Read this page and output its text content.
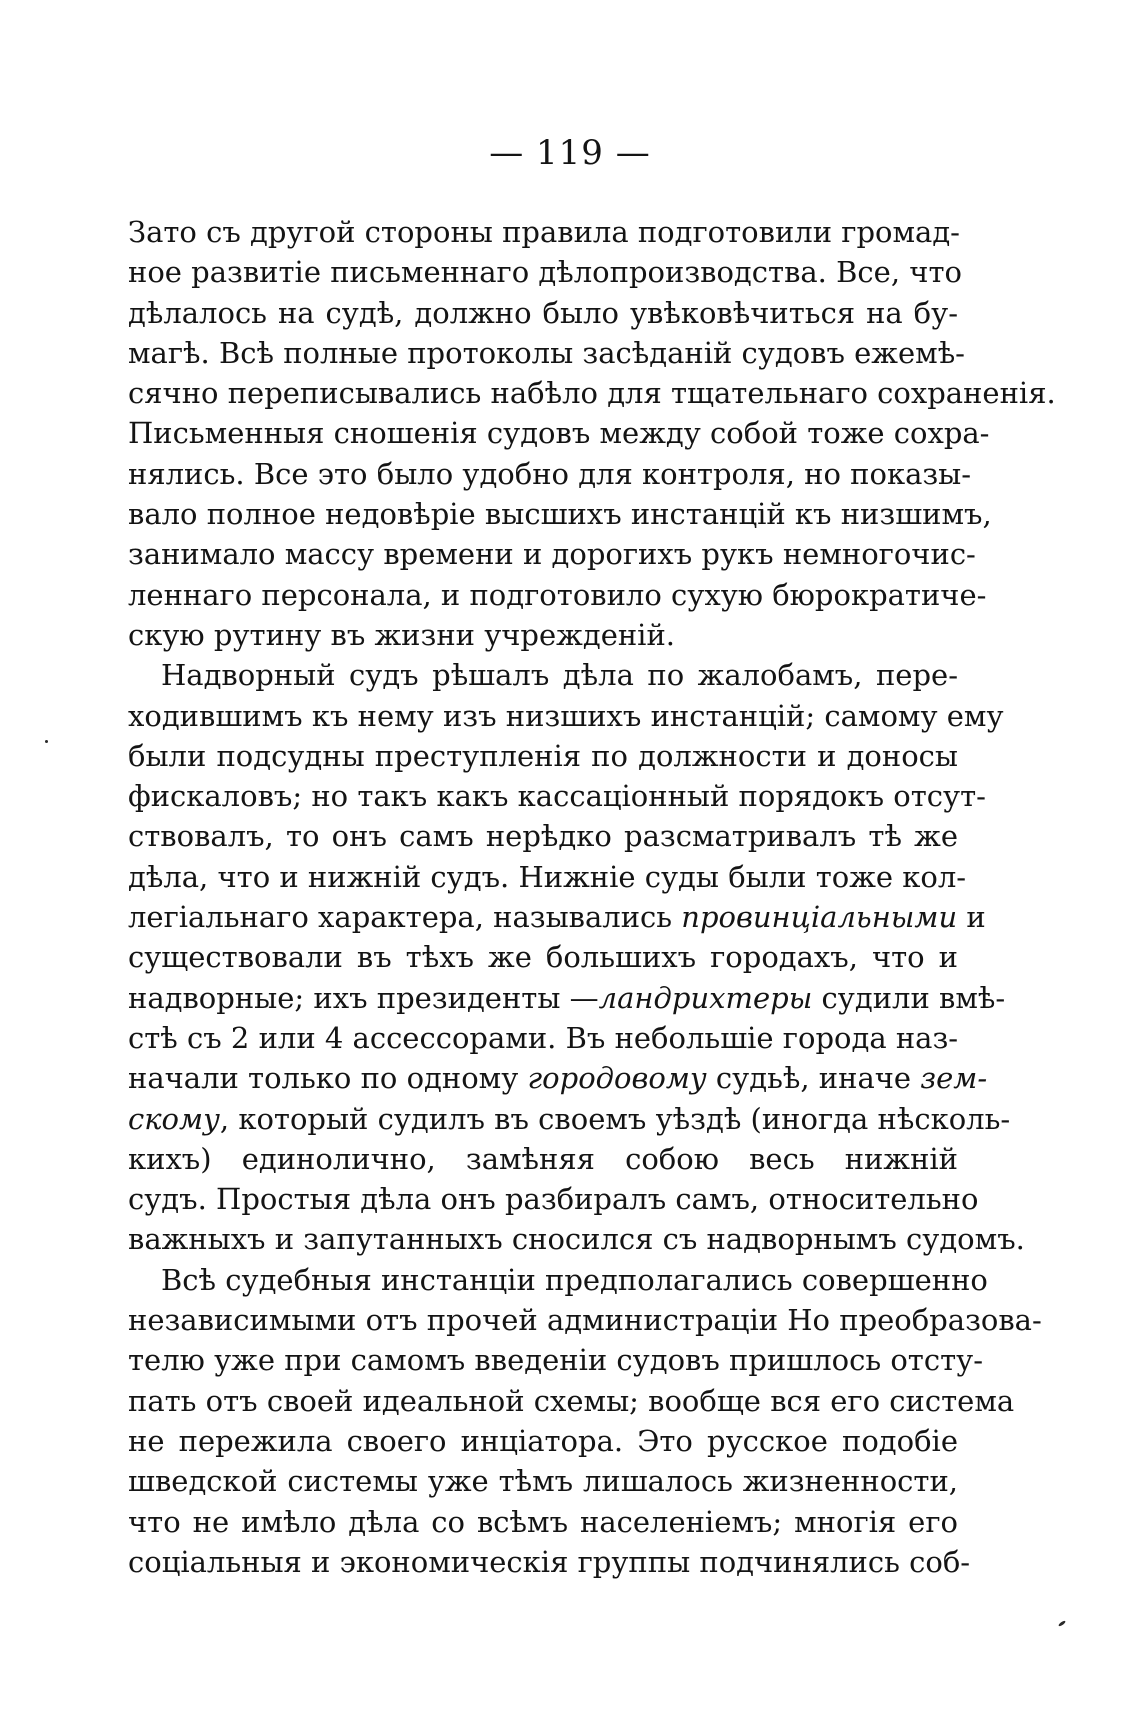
— 119 —
Зато съ другой стороны правила подготовили громад-
ное развитіе письменнаго дѣлопроизводства. Все, что
дѣлалось на судѣ, должно было увѣковѣчиться на бу-
магѣ. Всѣ полные протоколы засѣданій судовъ ежемѣ-
сячно переписывались набѣло для тщательнаго сохраненія.
Письменныя сношенія судовъ между собой тоже сохра-
нялись. Все это было удобно для контроля, но показы-
вало полное недовѣріе высшихъ инстанцій къ низшимъ,
занимало массу времени и дорогихъ рукъ немногочис-
леннаго персонала, и подготовило сухую бюрократиче-
скую рутину въ жизни учрежденій.
Надворный судъ рѣшалъ дѣла по жалобамъ, пере-
ходившимъ къ нему изъ низшихъ инстанцій; самому ему
были подсудны преступленія по должности и доносы
фискаловъ; но такъ какъ кассаціонный порядокъ отсут-
ствовалъ, то онъ самъ нерѣдко разсматривалъ тѣ же
дѣла, что и нижній судъ. Нижніе суды были тоже кол-
легіальнаго характера, назывались провинціальными и
существовали въ тѣхъ же большихъ городахъ, что и
надворные; ихъ президенты —ландрихтеры судили вмѣ-
стѣ съ 2 или 4 ассессорами. Въ небольшіе города наз-
начали только по одному городовому судьѣ, иначе зем-
скому, который судилъ въ своемъ уѣздѣ (иногда нѣсколь-
кихъ) единолично, замѣняя собою весь нижній
судъ. Простыя дѣла онъ разбиралъ самъ, относительно
важныхъ и запутанныхъ сносился съ надворнымъ судомъ.
Всѣ судебныя инстанціи предполагались совершенно
независимыми отъ прочей администраціи Но преобразова-
телю уже при самомъ введеніи судовъ пришлось отсту-
пать отъ своей идеальной схемы; вообще вся его система
не пережила своего инціатора. Это русское подобіе
шведской системы уже тѣмъ лишалось жизненности,
что не имѣло дѣла со всѣмъ населеніемъ; многія его
соціальныя и экономическія группы подчинялись соб-
